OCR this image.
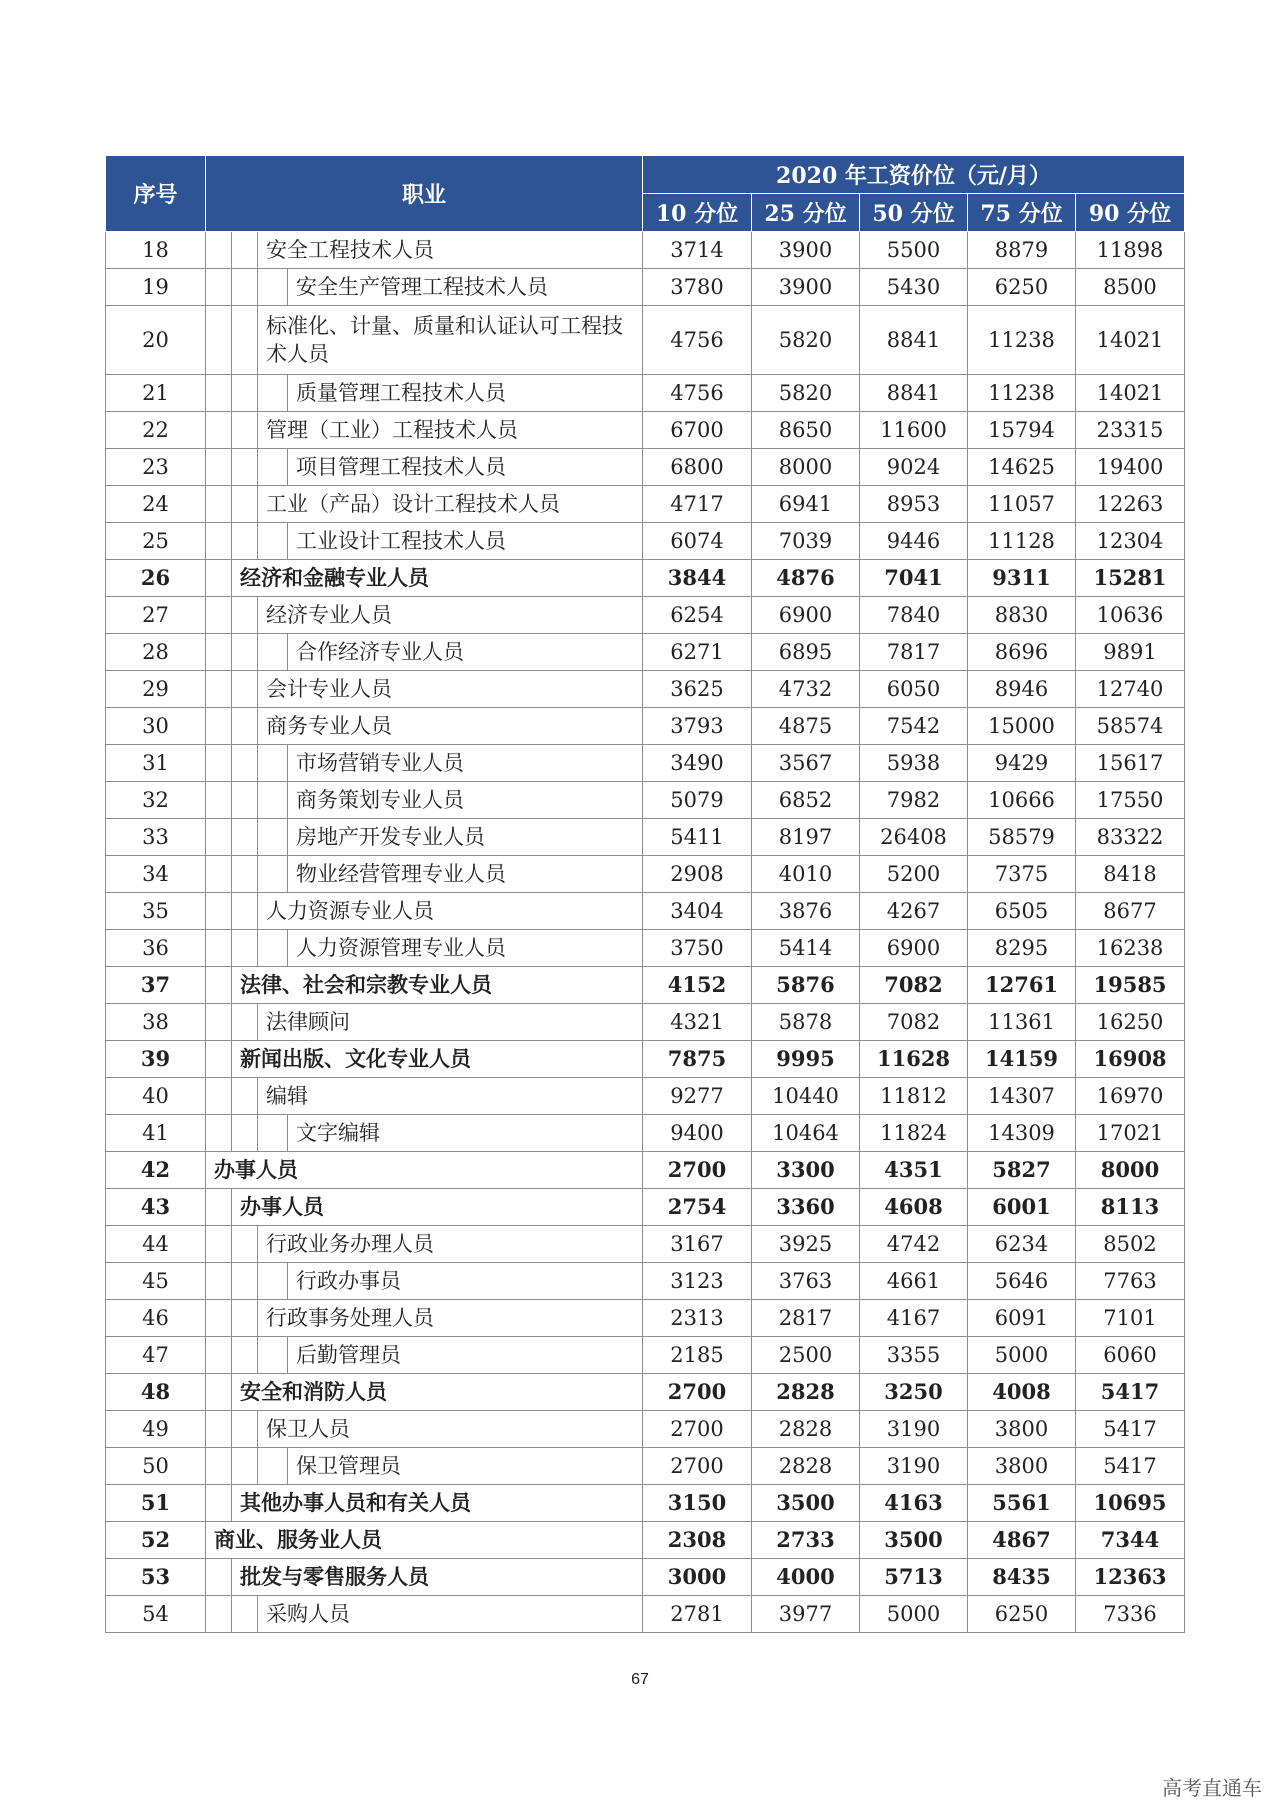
序号	职业				2020 年工资价位（元/月）				
					10 分位	25 分位	50 分位	75 分位	90 分位
18			安全工程技术人员		3714	3900	5500	8879	11898
19				安全生产管理工程技术人员	3780	3900	5430	6250	8500
20			标准化、计量、质量和认证认可工程技术人员		4756	5820	8841	11238	14021
21				质量管理工程技术人员	4756	5820	8841	11238	14021
22			管理（工业）工程技术人员		6700	8650	11600	15794	23315
23				项目管理工程技术人员	6800	8000	9024	14625	19400
24			工业（产品）设计工程技术人员		4717	6941	8953	11057	12263
25				工业设计工程技术人员	6074	7039	9446	11128	12304
26		经济和金融专业人员			3844	4876	7041	9311	15281
27			经济专业人员		6254	6900	7840	8830	10636
28				合作经济专业人员	6271	6895	7817	8696	9891
29			会计专业人员		3625	4732	6050	8946	12740
30			商务专业人员		3793	4875	7542	15000	58574
31				市场营销专业人员	3490	3567	5938	9429	15617
32				商务策划专业人员	5079	6852	7982	10666	17550
33				房地产开发专业人员	5411	8197	26408	58579	83322
34				物业经营管理专业人员	2908	4010	5200	7375	8418
35			人力资源专业人员		3404	3876	4267	6505	8677
36				人力资源管理专业人员	3750	5414	6900	8295	16238
37		法律、社会和宗教专业人员			4152	5876	7082	12761	19585
38			法律顾问		4321	5878	7082	11361	16250
39		新闻出版、文化专业人员			7875	9995	11628	14159	16908
40			编辑		9277	10440	11812	14307	16970
41				文字编辑	9400	10464	11824	14309	17021
42	办事人员				2700	3300	4351	5827	8000
43		办事人员			2754	3360	4608	6001	8113
44			行政业务办理人员		3167	3925	4742	6234	8502
45				行政办事员	3123	3763	4661	5646	7763
46			行政事务处理人员		2313	2817	4167	6091	7101
47				后勤管理员	2185	2500	3355	5000	6060
48		安全和消防人员			2700	2828	3250	4008	5417
49			保卫人员		2700	2828	3190	3800	5417
50				保卫管理员	2700	2828	3190	3800	5417
51		其他办事人员和有关人员			3150	3500	4163	5561	10695
52	商业、服务业人员				2308	2733	3500	4867	7344
53		批发与零售服务人员			3000	4000	5713	8435	12363
54			采购人员		2781	3977	5000	6250	7336
67
高考直通车
